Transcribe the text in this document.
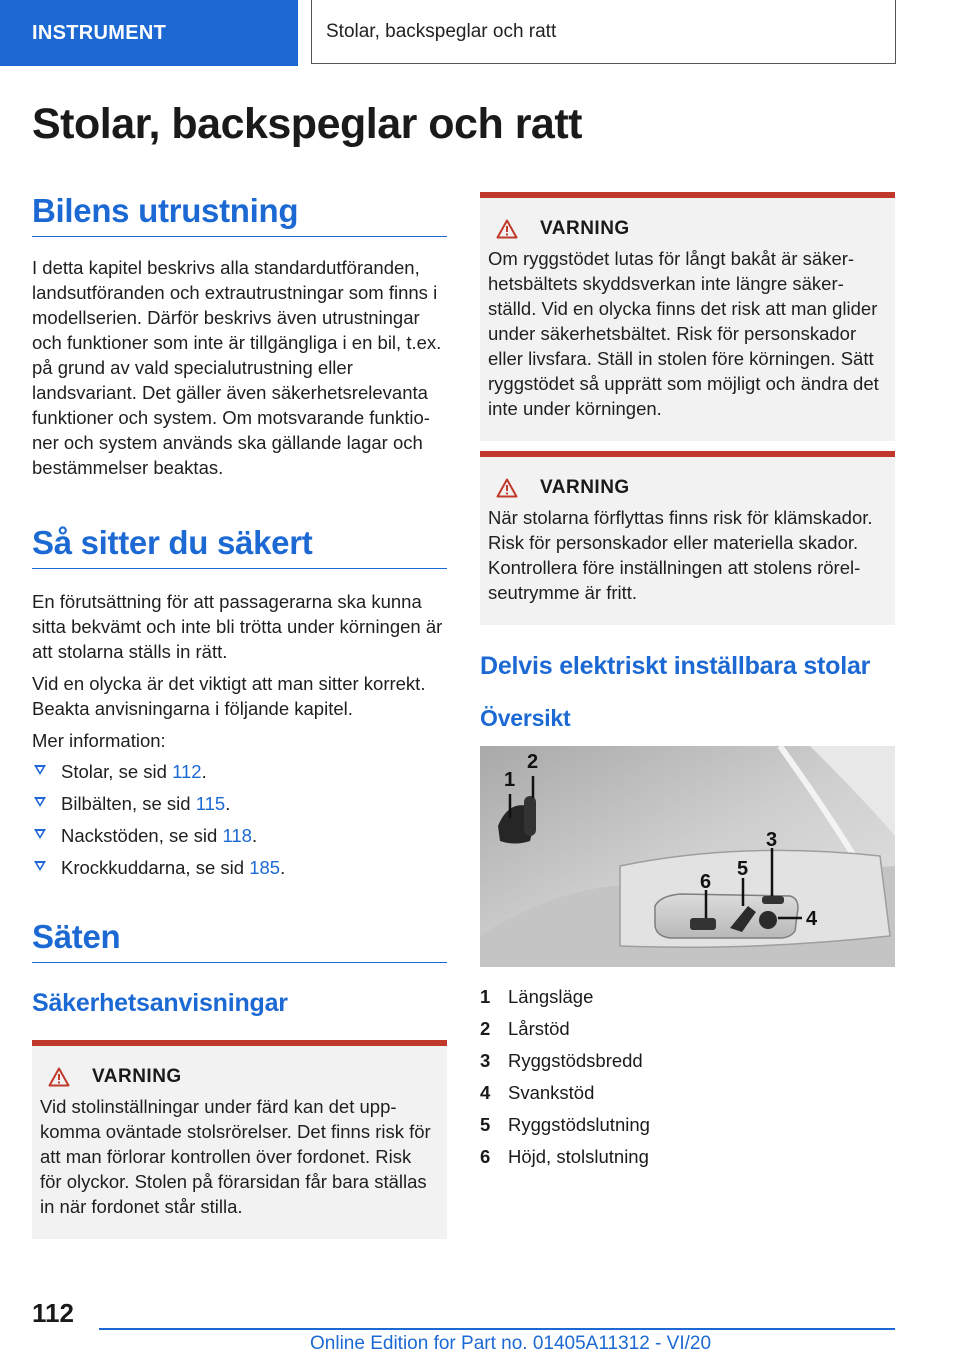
INSTRUMENT	Stolar, backspeglar och ratt
Stolar, backspeglar och ratt
Bilens utrustning

I detta kapitel beskrivs alla standardutföranden, landsutföranden och extrautrustningar som finns i modellserien. Därför beskrivs även utrustningar och funktioner som inte är tillgängliga i en bil, t.ex. på grund av vald specialutrustning eller landsvariant. Det gäller även säkerhetsrelevanta funktioner och system. Om motsvarande funktioner och system används ska gällande lagar och bestämmelser beaktas.

Så sitter du säkert

En förutsättning för att passagerarna ska kunna sitta bekvämt och inte bli trötta under körningen är att stolarna ställs in rätt.

Vid en olycka är det viktigt att man sitter korrekt. Beakta anvisningarna i följande kapitel.

Mer information:

Stolar, se sid 112.
Bilbälten, se sid 115.
Nackstöden, se sid 118.
Krockkuddarna, se sid 185.
Säten
Säkerhetsanvisningar
VARNING

Vid stolinställningar under färd kan det uppkomma oväntade stolsrörelser. Det finns risk för att man förlorar kontrollen över fordonet. Risk för olyckor. Stolen på förarsidan får bara ställas in när fordonet står stilla.

VARNING

Om ryggstödet lutas för långt bakåt är säkerhetsbältets skyddsverkan inte längre säkerställd. Vid en olycka finns det risk att man glider under säkerhetsbältet. Risk för personskador eller livsfara. Ställ in stolen före körningen. Sätt ryggstödet så upprätt som möjligt och ändra det inte under körningen.

VARNING

När stolarna förflyttas finns risk för klämskador. Risk för personskador eller materiella skador. Kontrollera före inställningen att stolens rörelseutrymme är fritt.

Delvis elektriskt inställbara stolar
Översikt
1
2
3
4
5
6
1 Längsläge
2 Lårstöd
3 Ryggstödsbredd
4 Svankstöd
5 Ryggstödslutning
6 Höjd, stolslutning
112
Online Edition for Part no. 01405A11312 - VI/20
